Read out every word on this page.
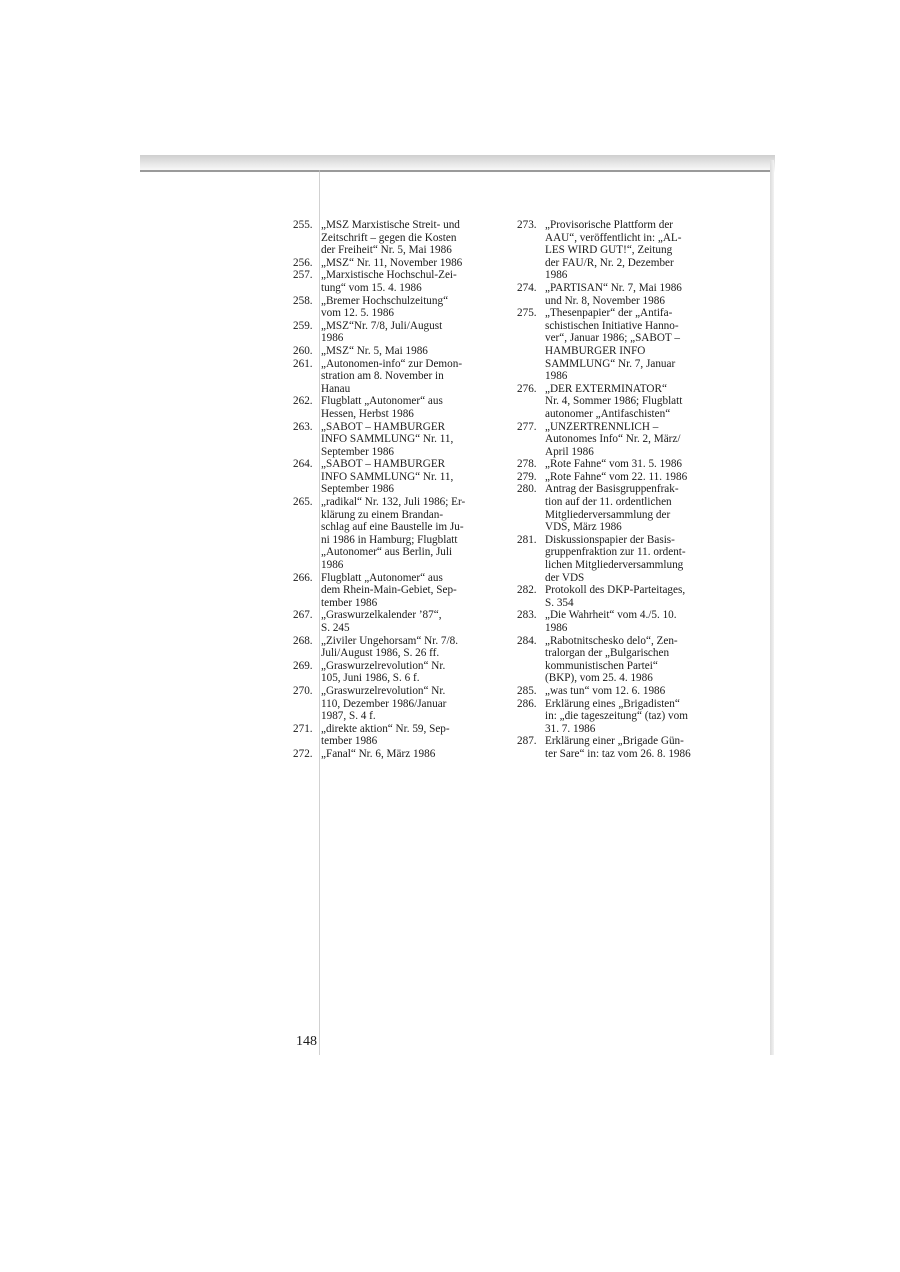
255. „MSZ Marxistische Streit- und
Zeitschrift – gegen die Kosten
der Freiheit“ Nr. 5, Mai 1986
256. „MSZ“ Nr. 11, November 1986
257. „Marxistische Hochschul-Zei-
tung“ vom 15. 4. 1986
258. „Bremer Hochschulzeitung“
vom 12. 5. 1986
259. „MSZ“Nr. 7/8, Juli/August
1986
260. „MSZ“ Nr. 5, Mai 1986
261. „Autonomen-info“ zur Demon-
stration am 8. November in
Hanau
262. Flugblatt „Autonomer“ aus
Hessen, Herbst 1986
263. „SABOT – HAMBURGER
INFO SAMMLUNG“ Nr. 11,
September 1986
264. „SABOT – HAMBURGER
INFO SAMMLUNG“ Nr. 11,
September 1986
265. „radikal“ Nr. 132, Juli 1986; Er-
klärung zu einem Brandan-
schlag auf eine Baustelle im Ju-
ni 1986 in Hamburg; Flugblatt
„Autonomer“ aus Berlin, Juli
1986
266. Flugblatt „Autonomer“ aus
dem Rhein-Main-Gebiet, Sep-
tember 1986
267. „Graswurzelkalender ’87“,
S. 245
268. „Ziviler Ungehorsam“ Nr. 7/8.
Juli/August 1986, S. 26 ff.
269. „Graswurzelrevolution“ Nr.
105, Juni 1986, S. 6 f.
270. „Graswurzelrevolution“ Nr.
110, Dezember 1986/Januar
1987, S. 4 f.
271. „direkte aktion“ Nr. 59, Sep-
tember 1986
272. „Fanal“ Nr. 6, März 1986
273. „Provisorische Plattform der
AAU“, veröffentlicht in: „AL-
LES WIRD GUT!“, Zeitung
der FAU/R, Nr. 2, Dezember
1986
274. „PARTISAN“ Nr. 7, Mai 1986
und Nr. 8, November 1986
275. „Thesenpapier“ der „Antifa-
schistischen Initiative Hanno-
ver“, Januar 1986; „SABOT –
HAMBURGER INFO
SAMMLUNG“ Nr. 7, Januar
1986
276. „DER EXTERMINATOR“
Nr. 4, Sommer 1986; Flugblatt
autonomer „Antifaschisten“
277. „UNZERTRENNLICH –
Autonomes Info“ Nr. 2, März/
April 1986
278. „Rote Fahne“ vom 31. 5. 1986
279. „Rote Fahne“ vom 22. 11. 1986
280. Antrag der Basisgruppenfrak-
tion auf der 11. ordentlichen
Mitgliederversammlung der
VDS, März 1986
281. Diskussionspapier der Basis-
gruppenfraktion zur 11. ordent-
lichen Mitgliederversammlung
der VDS
282. Protokoll des DKP-Parteitages,
S. 354
283. „Die Wahrheit“ vom 4./5. 10.
1986
284. „Rabotnitschesko delo“, Zen-
tralorgan der „Bulgarischen
kommunistischen Partei“
(BKP), vom 25. 4. 1986
285. „was tun“ vom 12. 6. 1986
286. Erklärung eines „Brigadisten“
in: „die tageszeitung“ (taz) vom
31. 7. 1986
287. Erklärung einer „Brigade Gün-
ter Sare“ in: taz vom 26. 8. 1986
148
